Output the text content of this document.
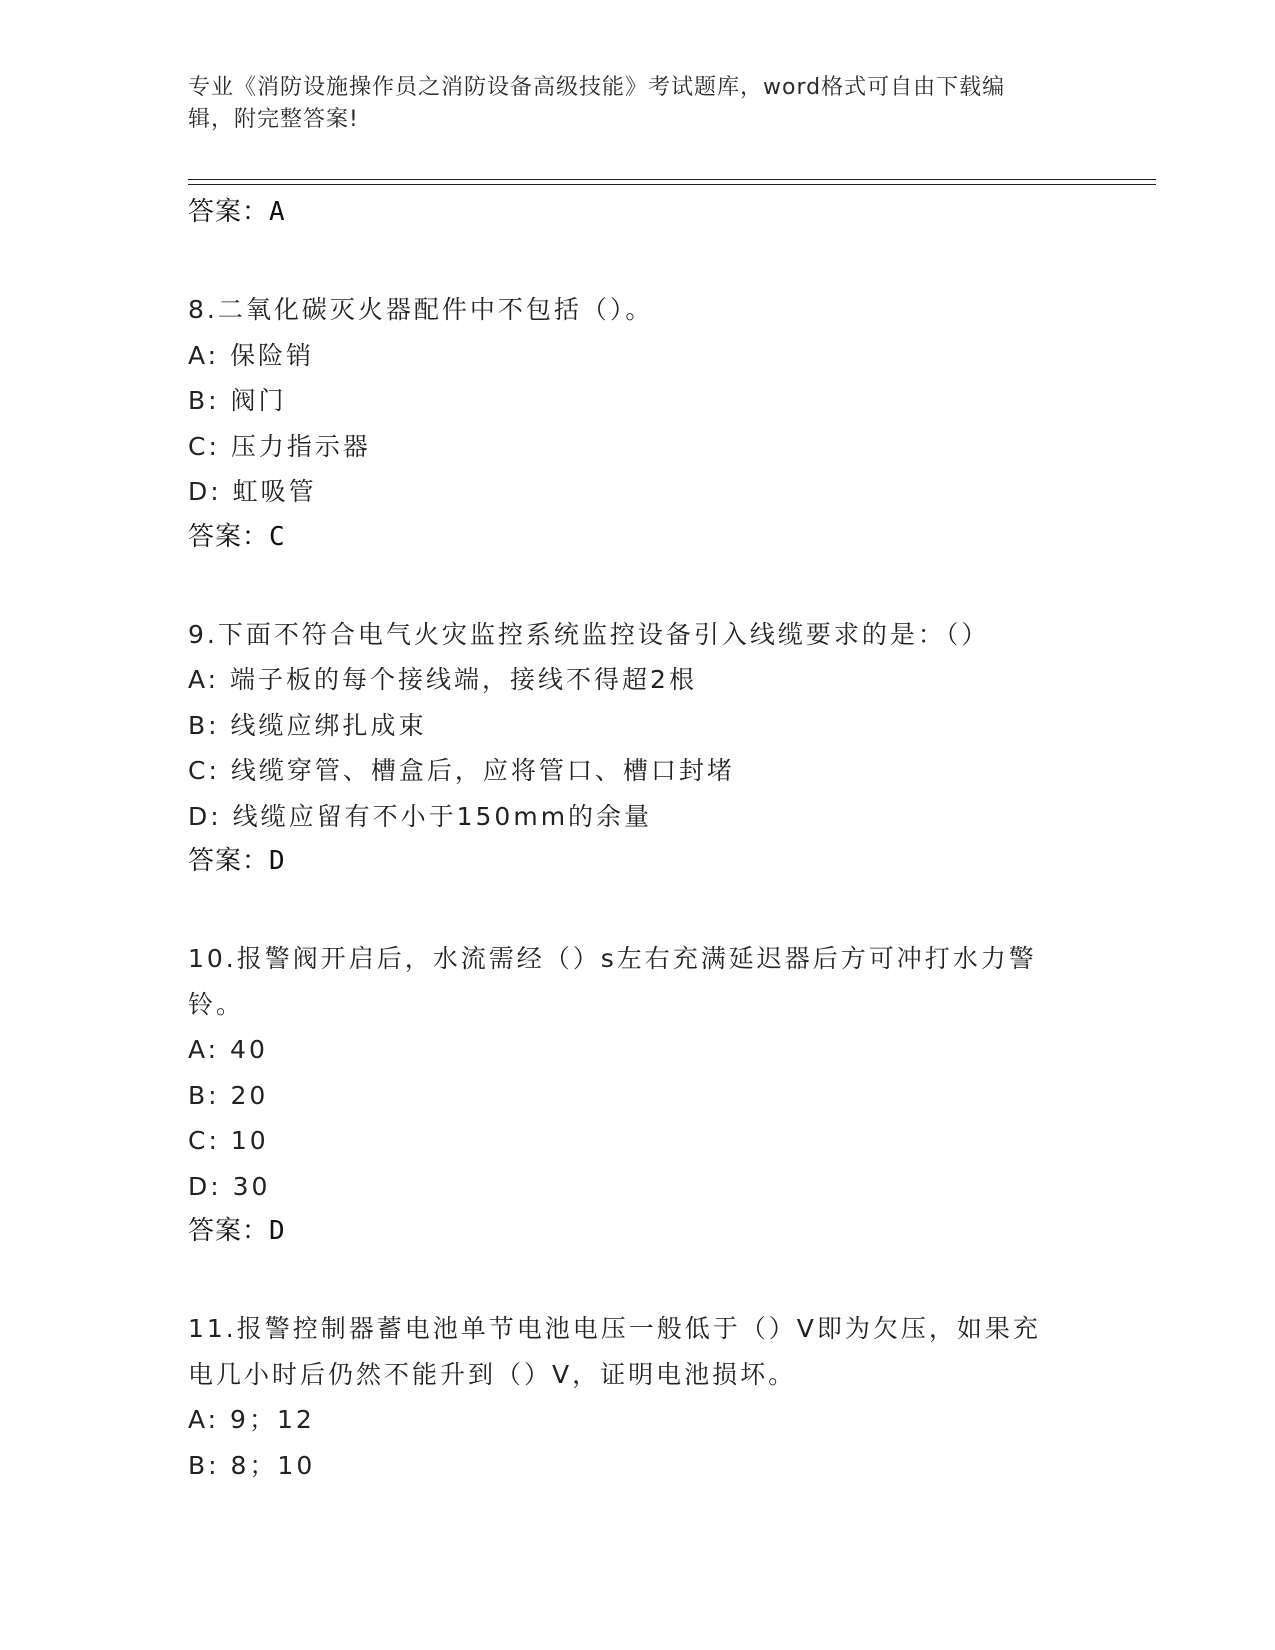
专业《消防设施操作员之消防设备高级技能》考试题库，word格式可自由下载编
辑，附完整答案!
答案：A
8.二氧化碳灭火器配件中不包括（）。
A: 保险销
B: 阀门
C: 压力指示器
D: 虹吸管
答案：C
9.下面不符合电气火灾监控系统监控设备引入线缆要求的是：（）
A: 端子板的每个接线端，接线不得超2根
B: 线缆应绑扎成束
C: 线缆穿管、槽盒后，应将管口、槽口封堵
D: 线缆应留有不小于150mm的余量
答案：D
10.报警阀开启后，水流需经（）s左右充满延迟器后方可冲打水力警
铃。
A: 40
B: 20
C: 10
D: 30
答案：D
11.报警控制器蓄电池单节电池电压一般低于（）V即为欠压，如果充
电几小时后仍然不能升到（）V，证明电池损坏。
A: 9；12
B: 8；10
